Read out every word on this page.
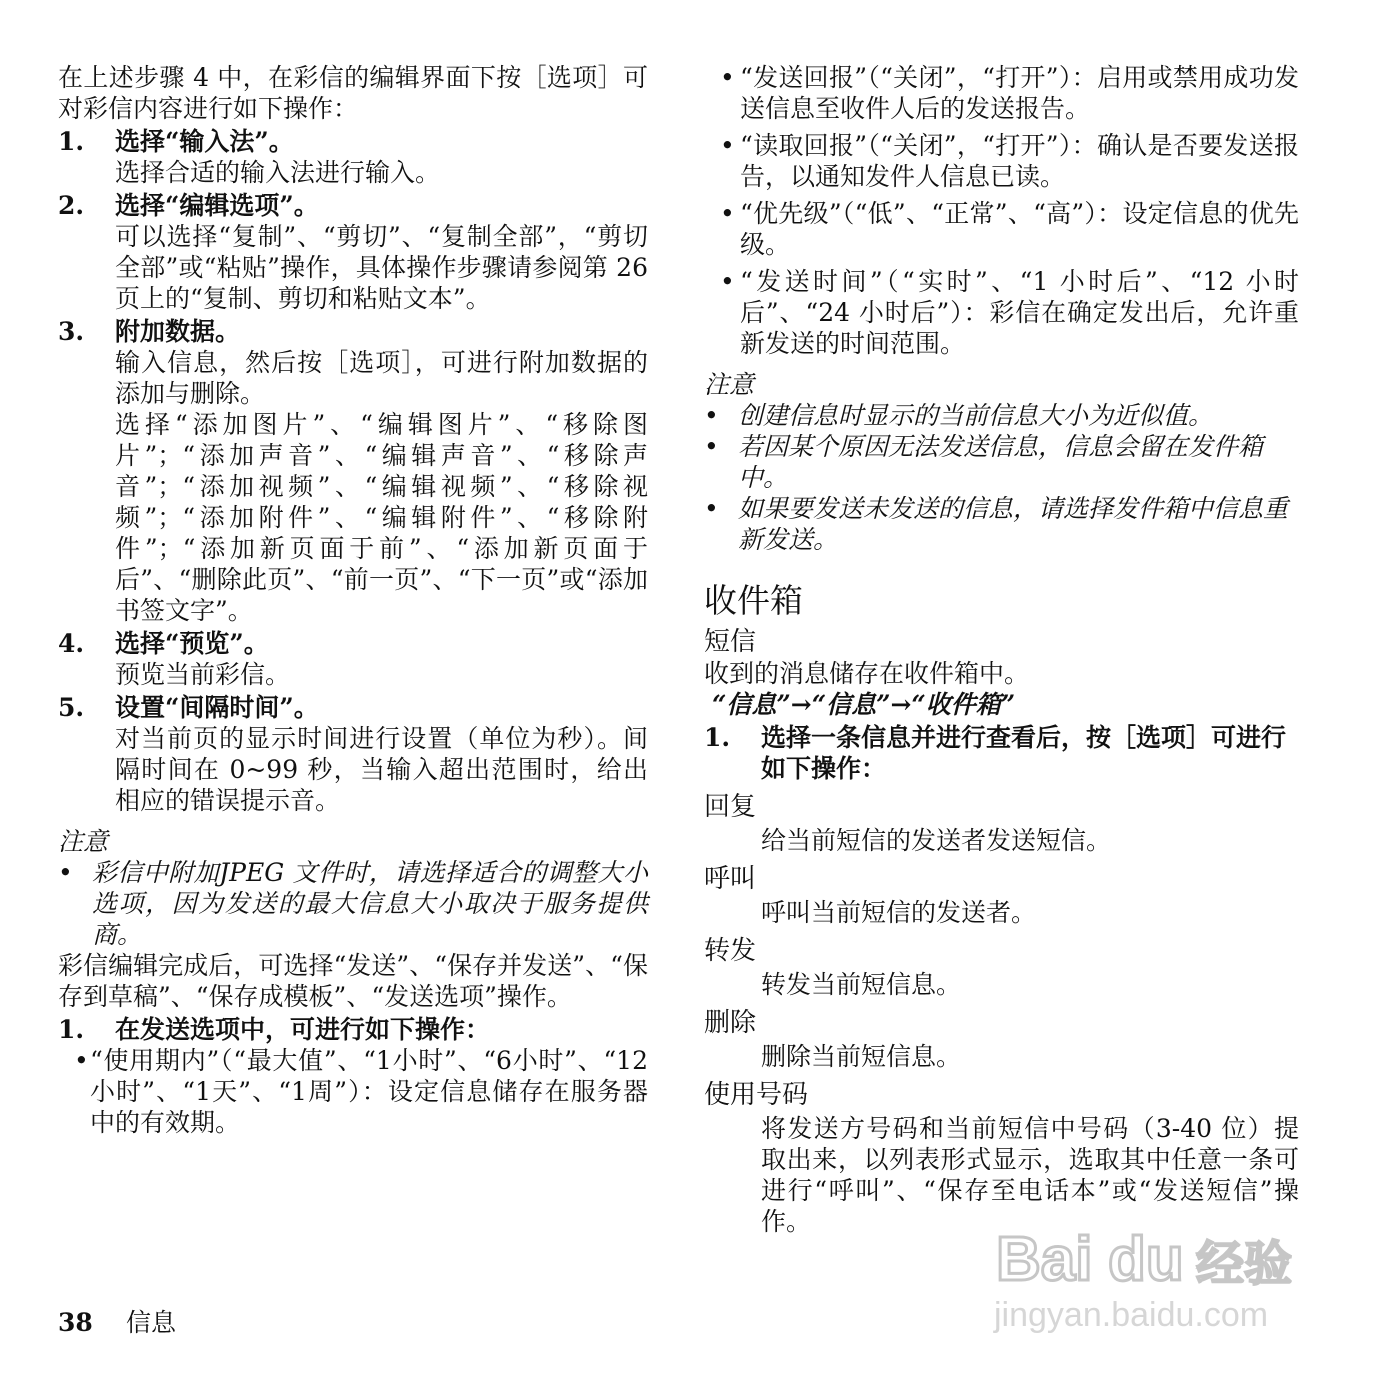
在上述步骤 4 中，在彩信的编辑界面下按［选项］可对彩信内容进行如下操作：

1.	选择“输入法”。

选择合适的输入法进行输入。

2.	选择“编辑选项”。

可以选择“复制”、“剪切”、“复制全部”，“剪切全部”或“粘贴”操作，具体操作步骤请参阅第 26 页上的“复制、剪切和粘贴文本”。

3.	附加数据。

输入信息，然后按［选项］，可进行附加数据的添加与删除。

选择“添加图片”、“编辑图片”、“移除图片”；“添加声音”、“编辑声音”、“移除声音”；“添加视频”、“编辑视频”、“移除视频”；“添加附件”、“编辑附件”、“移除附件”；“添加新页面于前”、“添加新页面于后”、“删除此页”、“前一页”、“下一页”或“添加书签文字”。

4.	选择“预览”。

预览当前彩信。

5.	设置“间隔时间”。

对当前页的显示时间进行设置（单位为秒）。间隔时间在 0~99 秒，当输入超出范围时，给出相应的错误提示音。

注意
• 彩信中附加JPEG 文件时，请选择适合的调整大小选项，因为发送的最大信息大小取决于服务提供商。

彩信编辑完成后，可选择“发送”、“保存并发送”、“保存到草稿”、“保存成模板”、“发送选项”操作。

1.	在发送选项中，可进行如下操作：
• “使用期内”（“最大值”、“1小时”、“6小时”、“12小时”、“1天”、“1周”）：设定信息储存在服务器中的有效期。
• “发送回报”（“关闭”，“打开”）：启用或禁用成功发送信息至收件人后的发送报告。
• “读取回报”（“关闭”，“打开”）：确认是否要发送报告，以通知发件人信息已读。
• “优先级”（“低”、“正常”、“高”）：设定信息的优先级。
• “发送时间”（“实时”、“1 小时后”、“12 小时后”、“24 小时后”）：彩信在确定发出后，允许重新发送的时间范围。
注意
• 创建信息时显示的当前信息大小为近似值。
• 若因某个原因无法发送信息，信息会留在发件箱中。
• 如果要发送未发送的信息，请选择发件箱中信息重新发送。
收件箱
短信

收到的消息储存在收件箱中。

“信息”→“信息”→“收件箱”
1.	选择一条信息并进行查看后，按［选项］可进行如下操作：
回复
给当前短信的发送者发送短信。
呼叫
呼叫当前短信的发送者。
转发
转发当前短信息。
删除
删除当前短信息。
使用号码
将发送方号码和当前短信中号码（3-40 位）提取出来，以列表形式显示，选取其中任意一条可进行“呼叫”、“保存至电话本”或“发送短信”操作。
38 信息
Bai du 经验
jingyan.baidu.com
